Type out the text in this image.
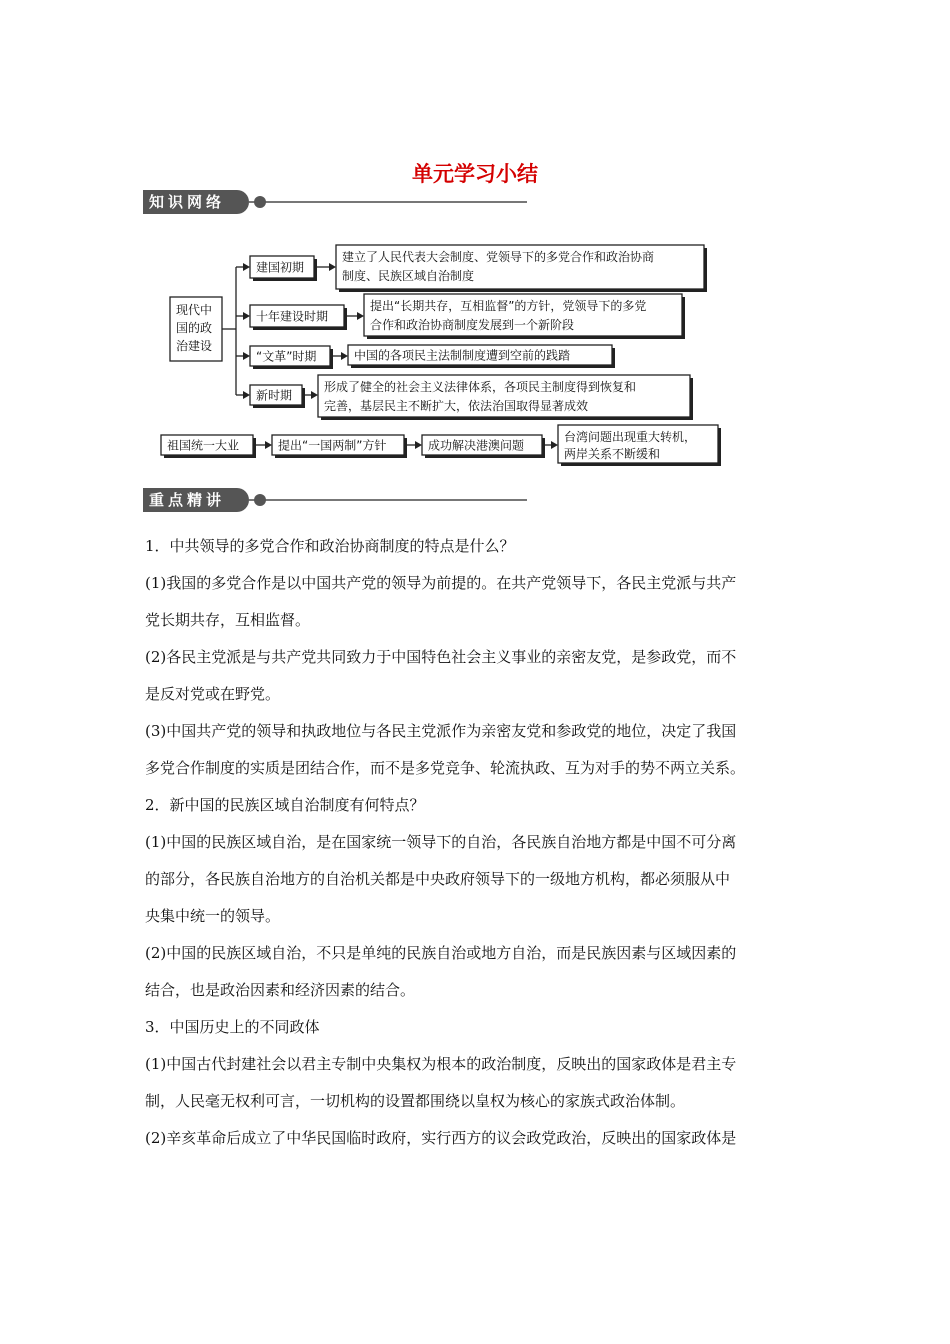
单元学习小结
知识网络
现代中
国的政
治建设
建国初期
建立了人民代表大会制度、党领导下的多党合作和政治协商
制度、民族区域自治制度
十年建设时期
提出“长期共存，互相监督”的方针，党领导下的多党
合作和政治协商制度发展到一个新阶段
“文革”时期	中国的各项民主法制制度遭到空前的践踏
新时期
形成了健全的社会主义法律体系，各项民主制度得到恢复和
完善，基层民主不断扩大，依法治国取得显著成效
祖国统一大业	提出“一国两制”方针	成功解决港澳问题
台湾问题出现重大转机，
两岸关系不断缓和
重点精讲
1．中共领导的多党合作和政治协商制度的特点是什么？
(1)我国的多党合作是以中国共产党的领导为前提的。在共产党领导下，各民主党派与共产
党长期共存，互相监督。
(2)各民主党派是与共产党共同致力于中国特色社会主义事业的亲密友党，是参政党，而不
是反对党或在野党。
(3)中国共产党的领导和执政地位与各民主党派作为亲密友党和参政党的地位，决定了我国
多党合作制度的实质是团结合作，而不是多党竞争、轮流执政、互为对手的势不两立关系。
2．新中国的民族区域自治制度有何特点？
(1)中国的民族区域自治，是在国家统一领导下的自治，各民族自治地方都是中国不可分离
的部分，各民族自治地方的自治机关都是中央政府领导下的一级地方机构，都必须服从中
央集中统一的领导。
(2)中国的民族区域自治，不只是单纯的民族自治或地方自治，而是民族因素与区域因素的
结合，也是政治因素和经济因素的结合。
3．中国历史上的不同政体
(1)中国古代封建社会以君主专制中央集权为根本的政治制度，反映出的国家政体是君主专
制，人民毫无权利可言，一切机构的设置都围绕以皇权为核心的家族式政治体制。
(2)辛亥革命后成立了中华民国临时政府，实行西方的议会政党政治，反映出的国家政体是
